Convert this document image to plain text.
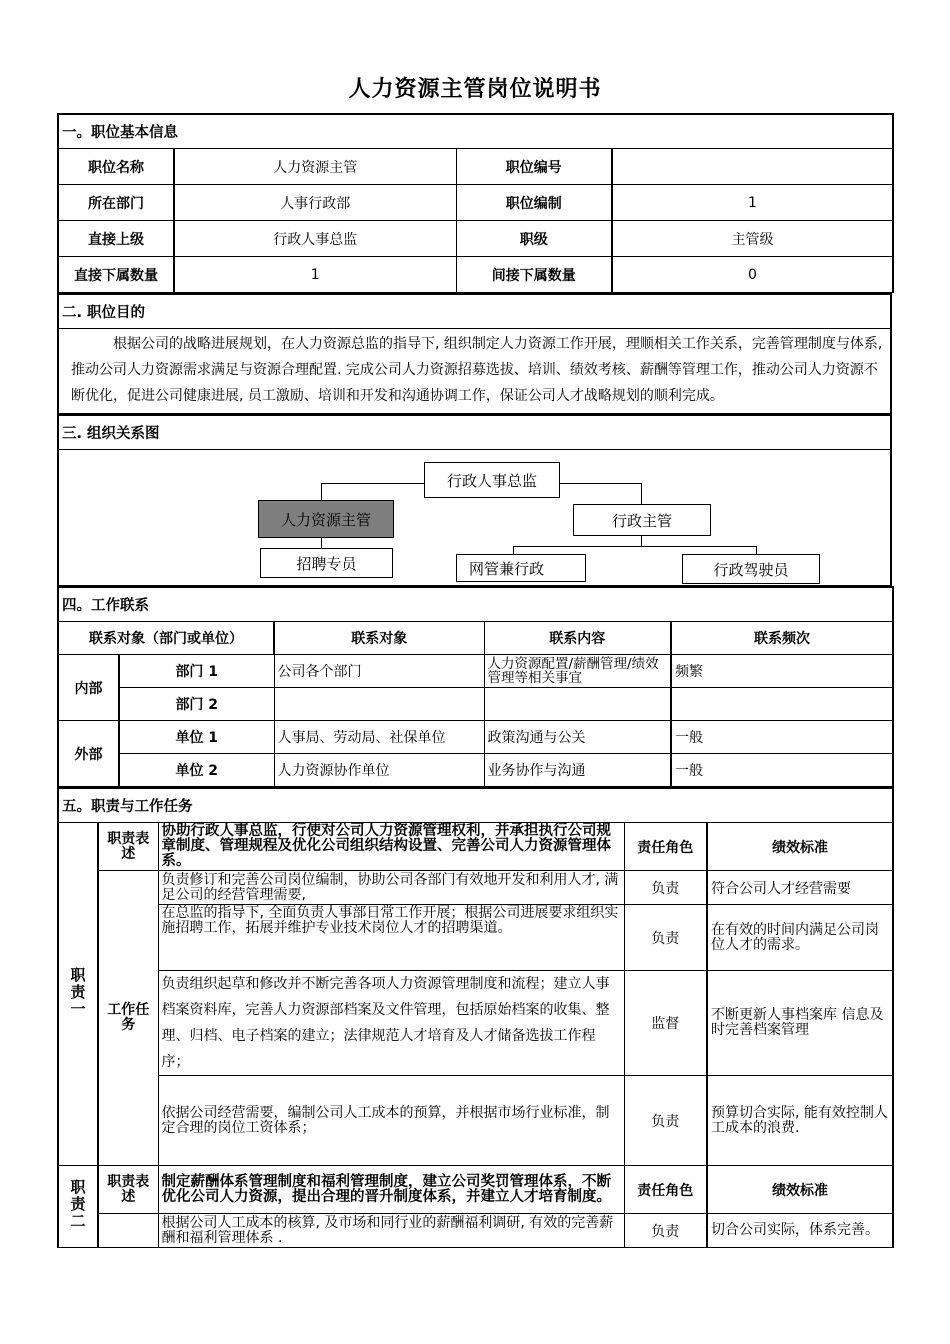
人力资源主管岗位说明书
一。职位基本信息			
职位名称	人力资源主管	职位编号	
所在部门	人事行政部	职位编制	1
直接上级	行政人事总监	职级	主管级
直接下属数量	1	间接下属数量	0
二. 职位目的
根据公司的战略进展规划，在人力资源总监的指导下, 组织制定人力资源工作开展，理顺相关工作关系，完善管理制度与体系, 推动公司人力资源需求满足与资源合理配置. 完成公司人力资源招募选拔、培训、绩效考核、薪酬等管理工作，推动公司人力资源不断优化，促进公司健康进展, 员工激励、培训和开发和沟通协调工作，保证公司人才战略规划的顺利完成。
三. 组织关系图

行政人事总监
人力资源主管	行政主管
招聘专员	网管兼行政	行政驾驶员
四。工作联系				
联系对象（部门或单位）		联系对象	联系内容	联系频次
内部	部门 1	公司各个部门	人力资源配置/薪酬管理/绩效管理等相关事宜	频繁
	部门 2			
外部	单位 1	人事局、劳动局、社保单位	政策沟通与公关	一般
	单位 2	人力资源协作单位	业务协作与沟通	一般
五。职责与工作任务				
职责一	职责表述	协助行政人事总监，行使对公司人力资源管理权利，并承担执行公司规章制度、管理规程及优化公司组织结构设置、完善公司人力资源管理体系。	责任角色	绩效标准
	工作任务	负责修订和完善公司岗位编制，协助公司各部门有效地开发和利用人才, 满足公司的经营管理需要,	负责	符合公司人才经营需要
		在总监的指导下, 全面负责人事部日常工作开展；根据公司进展要求组织实施招聘工作，拓展并维护专业技术岗位人才的招聘渠道。	负责	在有效的时间内满足公司岗位人才的需求。
		负责组织起草和修改并不断完善各项人力资源管理制度和流程；建立人事档案资料库，完善人力资源部档案及文件管理，包括原始档案的收集、整理、归档、电子档案的建立；法律规范人才培育及人才储备选拔工作程序；	监督	不断更新人事档案库 信息及时完善档案管理
		依据公司经营需要，编制公司人工成本的预算，并根据市场行业标准，制定合理的岗位工资体系；	负责	预算切合实际, 能有效控制人工成本的浪费.
职责二	职责表述	制定薪酬体系管理制度和福利管理制度，建立公司奖罚管理体系，不断优化公司人力资源，提出合理的晋升制度体系，并建立人才培育制度。	责任角色	绩效标准
		根据公司人工成本的核算, 及市场和同行业的薪酬福利调研, 有效的完善薪酬和福利管理体系 .	负责	切合公司实际，体系完善。
